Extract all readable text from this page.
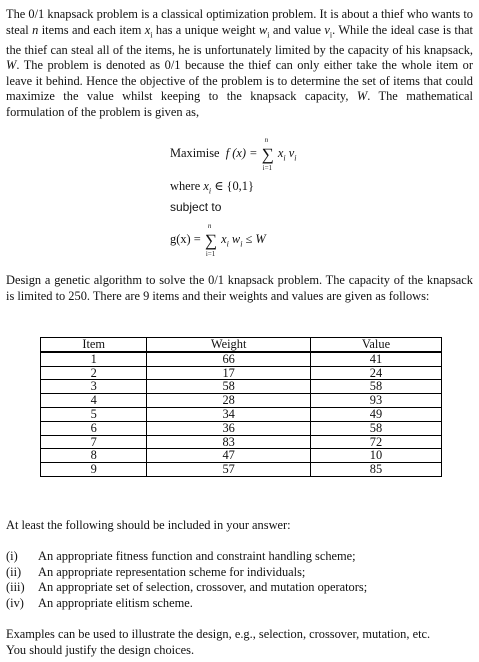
The 0/1 knapsack problem is a classical optimization problem. It is about a thief who wants to steal n items and each item $x_i$ has a unique weight $w_i$ and value $v_i$. While the ideal case is that the thief can steal all of the items, he is unfortunately limited by the capacity of his knapsack, W. The problem is denoted as 0/1 because the thief can only either take the whole item or leave it behind. Hence the objective of the problem is to determine the set of items that could maximize the value whilst keeping to the knapsack capacity, W. The mathematical formulation of the problem is given as,

Maximise f (x) = ∑
n
i=1
$x_i$ $v_i$
where $x_i$ ∈ {0,1}
subject to
g(x) = ∑
n
i=1
$x_i$ $w_i \le W$

Design a genetic algorithm to solve the 0/1 knapsack problem. The capacity of the knapsack is limited to 250. There are 9 items and their weights and values are given as follows:

Item	Weight	Value
1	66	41
2	17	24
3	58	58
4	28	93
5	34	49
6	36	58
7	83	72
8	47	10
9	57	85

At least the following should be included in your answer:

(i)	An appropriate fitness function and constraint handling scheme;
(ii)	An appropriate representation scheme for individuals;
(iii)	An appropriate set of selection, crossover, and mutation operators;
(iv)	An appropriate elitism scheme.

Examples can be used to illustrate the design, e.g., selection, crossover, mutation, etc.
You should justify the design choices.
